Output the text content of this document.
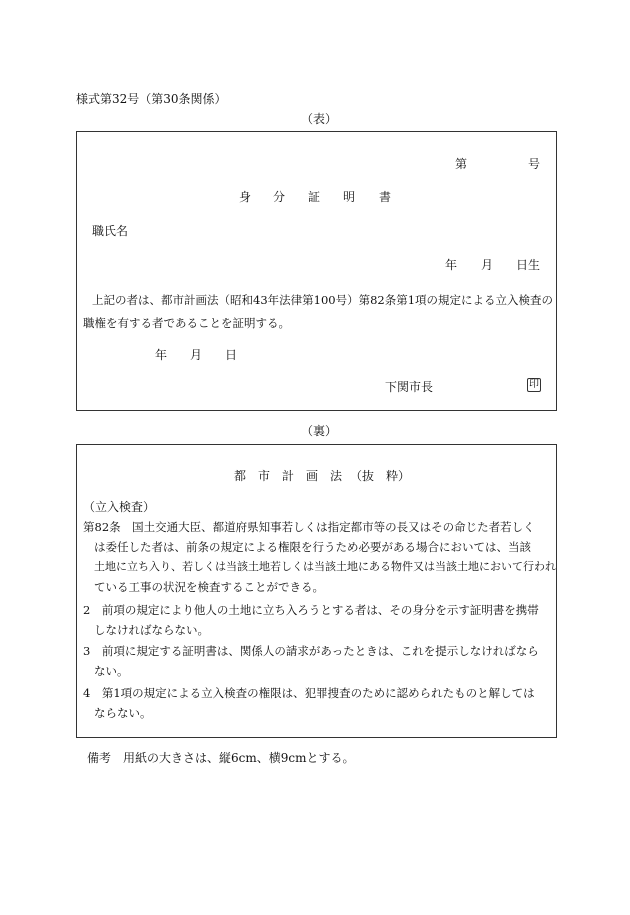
様式第32号（第30条関係）
（表）
第	号
身 分 証 明 書
職氏名
年 月 日生
上記の者は、都市計画法（昭和43年法律第100号）第82条第1項の規定による立入検査の
職権を有する者であることを証明する。
年 月 日
下関市長	印
（裏）
都 市 計 画 法 （抜　粋）
（立入検査）
第82条　国土交通大臣、都道府県知事若しくは指定都市等の長又はその命じた者若しく
は委任した者は、前条の規定による権限を行うため必要がある場合においては、当該
土地に立ち入り、若しくは当該土地若しくは当該土地にある物件又は当該土地において行われ
ている工事の状況を検査することができる。
2　前項の規定により他人の土地に立ち入ろうとする者は、その身分を示す証明書を携帯
しなければならない。
3　前項に規定する証明書は、関係人の請求があったときは、これを提示しなければなら
ない。
4　第1項の規定による立入検査の権限は、犯罪捜査のために認められたものと解しては
ならない。
備考　用紙の大きさは、縦6cm、横9cmとする。
